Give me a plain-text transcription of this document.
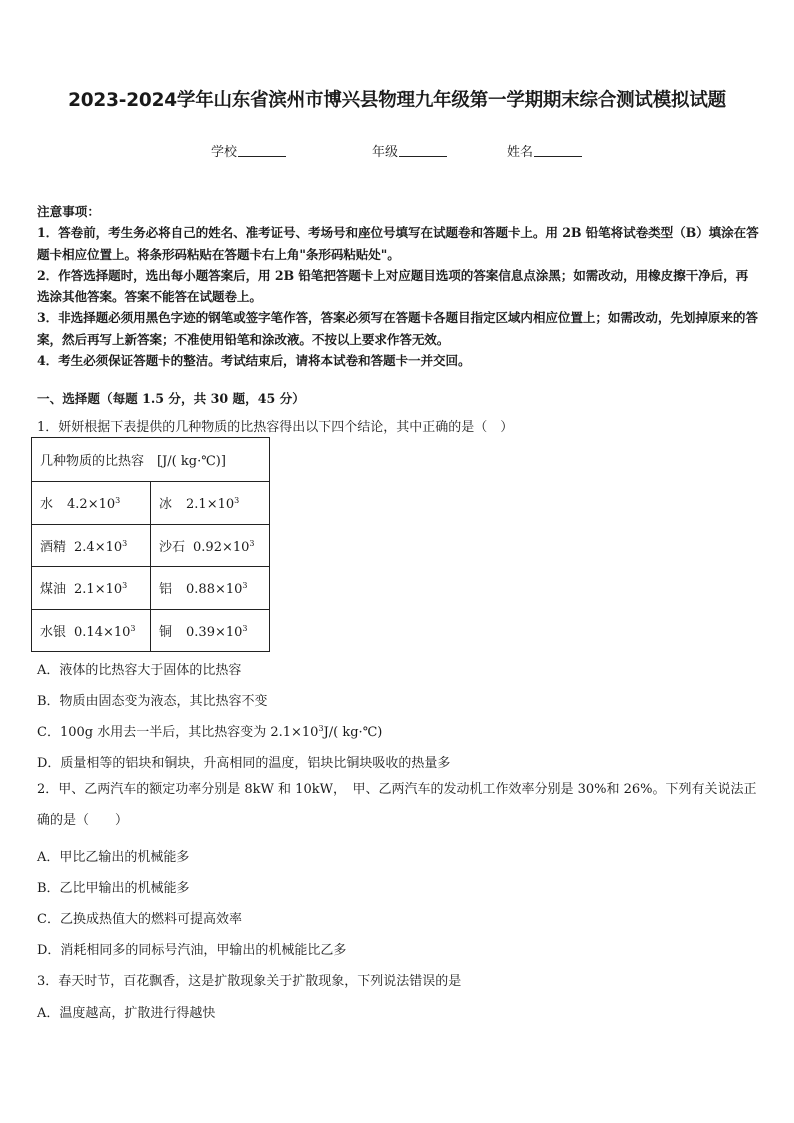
2023-2024学年山东省滨州市博兴县物理九年级第一学期期末综合测试模拟试题
学校	年级	姓名
注意事项：

1．答卷前，考生务必将自己的姓名、准考证号、考场号和座位号填写在试题卷和答题卡上。用 2B 铅笔将试卷类型（B）填涂在答题卡相应位置上。将条形码粘贴在答题卡右上角"条形码粘贴处"。

2．作答选择题时，选出每小题答案后，用 2B 铅笔把答题卡上对应题目选项的答案信息点涂黑；如需改动，用橡皮擦干净后，再选涂其他答案。答案不能答在试题卷上。

3．非选择题必须用黑色字迹的钢笔或签字笔作答，答案必须写在答题卡各题目指定区域内相应位置上；如需改动，先划掉原来的答案，然后再写上新答案；不准使用铅笔和涂改液。不按以上要求作答无效。

4．考生必须保证答题卡的整洁。考试结束后，请将本试卷和答题卡一并交回。

一、选择题（每题 1.5 分，共 30 题，45 分）
1．妍妍根据下表提供的几种物质的比热容得出以下四个结论，其中正确的是（　）
几种物质的比热容　[J/( kg·℃)]	
水 $4.2\times 10^3$	冰 $2.1\times 10^3$
酒精 $2.4\times 10^3$	沙石 $0.92\times 10^3$
煤油 $2.1\times 10^3$	铝 $0.88\times 10^3$
水银 $0.14\times 10^3$	铜 $0.39\times 10^3$
A．液体的比热容大于固体的比热容
B．物质由固态变为液态，其比热容不变
C．100g 水用去一半后，其比热容变为 $2.1\times 10^3J/$( kg·℃)
D．质量相等的铝块和铜块，升高相同的温度，铝块比铜块吸收的热量多
2．甲、乙两汽车的额定功率分别是 8kW 和 10kW，　甲、乙两汽车的发动机工作效率分别是 30%和 26%。下列有关说法正确的是（　　）
A．甲比乙输出的机械能多
B．乙比甲输出的机械能多
C．乙换成热值大的燃料可提高效率
D．消耗相同多的同标号汽油，甲输出的机械能比乙多
3．春天时节，百花飘香，这是扩散现象关于扩散现象，下列说法错误的是
A．温度越高，扩散进行得越快
